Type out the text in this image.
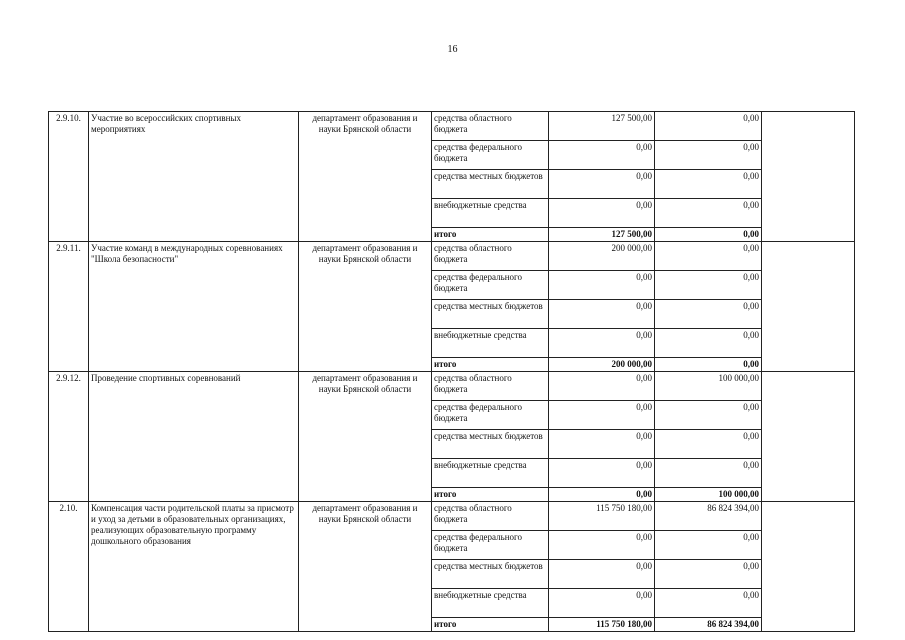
16
2.9.10.	Участие во всероссийских спортивных мероприятиях	департамент образования и науки Брянской области	средства областного бюджета	127 500,00	0,00	
			средства федерального бюджета	0,00	0,00	
			средства местных бюджетов	0,00	0,00	
			внебюджетные средства	0,00	0,00	
			итого	127 500,00	0,00	
2.9.11.	Участие команд в международных соревнованиях "Школа безопасности"	департамент образования и науки Брянской области	средства областного бюджета	200 000,00	0,00	
			средства федерального бюджета	0,00	0,00	
			средства местных бюджетов	0,00	0,00	
			внебюджетные средства	0,00	0,00	
			итого	200 000,00	0,00	
2.9.12.	Проведение спортивных соревнований	департамент образования и науки Брянской области	средства областного бюджета	0,00	100 000,00	
			средства федерального бюджета	0,00	0,00	
			средства местных бюджетов	0,00	0,00	
			внебюджетные средства	0,00	0,00	
			итого	0,00	100 000,00	
2.10.	Компенсация части родительской платы за присмотр и уход за детьми в образовательных организациях, реализующих образовательную программу дошкольного образования	департамент образования и науки Брянской области	средства областного бюджета	115 750 180,00	86 824 394,00	
			средства федерального бюджета	0,00	0,00	
			средства местных бюджетов	0,00	0,00	
			внебюджетные средства	0,00	0,00	
			итого	115 750 180,00	86 824 394,00	
